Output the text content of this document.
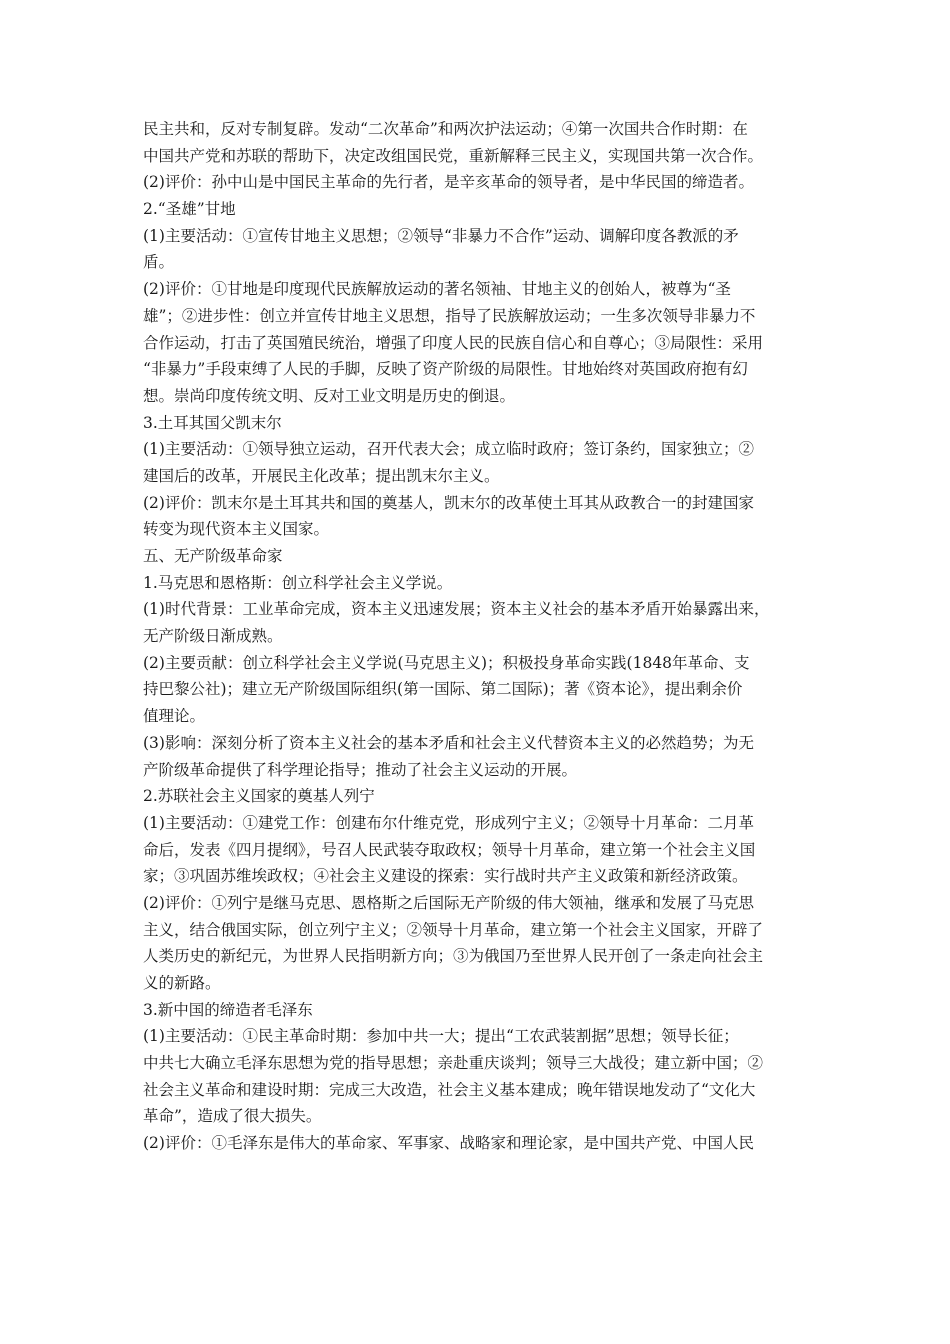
民主共和，反对专制复辟。发动“二次革命”和两次护法运动；④第一次国共合作时期：在
中国共产党和苏联的帮助下，决定改组国民党，重新解释三民主义，实现国共第一次合作。
(2)评价：孙中山是中国民主革命的先行者，是辛亥革命的领导者，是中华民国的缔造者。
2.“圣雄”甘地
(1)主要活动：①宣传甘地主义思想；②领导“非暴力不合作”运动、调解印度各教派的矛
盾。
(2)评价：①甘地是印度现代民族解放运动的著名领袖、甘地主义的创始人，被尊为“圣
雄”；②进步性：创立并宣传甘地主义思想，指导了民族解放运动；一生多次领导非暴力不
合作运动，打击了英国殖民统治，增强了印度人民的民族自信心和自尊心；③局限性：采用
“非暴力”手段束缚了人民的手脚，反映了资产阶级的局限性。甘地始终对英国政府抱有幻
想。崇尚印度传统文明、反对工业文明是历史的倒退。
3.土耳其国父凯末尔
(1)主要活动：①领导独立运动，召开代表大会；成立临时政府；签订条约，国家独立；②
建国后的改革，开展民主化改革；提出凯末尔主义。
(2)评价：凯末尔是土耳其共和国的奠基人，凯末尔的改革使土耳其从政教合一的封建国家
转变为现代资本主义国家。
五、无产阶级革命家
1.马克思和恩格斯：创立科学社会主义学说。
(1)时代背景：工业革命完成，资本主义迅速发展；资本主义社会的基本矛盾开始暴露出来，
无产阶级日渐成熟。
(2)主要贡献：创立科学社会主义学说(马克思主义)；积极投身革命实践(1848年革命、支
持巴黎公社)；建立无产阶级国际组织(第一国际、第二国际)；著《资本论》，提出剩余价
值理论。
(3)影响：深刻分析了资本主义社会的基本矛盾和社会主义代替资本主义的必然趋势；为无
产阶级革命提供了科学理论指导；推动了社会主义运动的开展。
2.苏联社会主义国家的奠基人列宁
(1)主要活动：①建党工作：创建布尔什维克党，形成列宁主义；②领导十月革命：二月革
命后，发表《四月提纲》，号召人民武装夺取政权；领导十月革命，建立第一个社会主义国
家；③巩固苏维埃政权；④社会主义建设的探索：实行战时共产主义政策和新经济政策。
(2)评价：①列宁是继马克思、恩格斯之后国际无产阶级的伟大领袖，继承和发展了马克思
主义，结合俄国实际，创立列宁主义；②领导十月革命，建立第一个社会主义国家，开辟了
人类历史的新纪元，为世界人民指明新方向；③为俄国乃至世界人民开创了一条走向社会主
义的新路。
3.新中国的缔造者毛泽东
(1)主要活动：①民主革命时期：参加中共一大；提出“工农武装割据”思想；领导长征；
中共七大确立毛泽东思想为党的指导思想；亲赴重庆谈判；领导三大战役；建立新中国；②
社会主义革命和建设时期：完成三大改造，社会主义基本建成；晚年错误地发动了“文化大
革命”，造成了很大损失。
(2)评价：①毛泽东是伟大的革命家、军事家、战略家和理论家，是中国共产党、中国人民
